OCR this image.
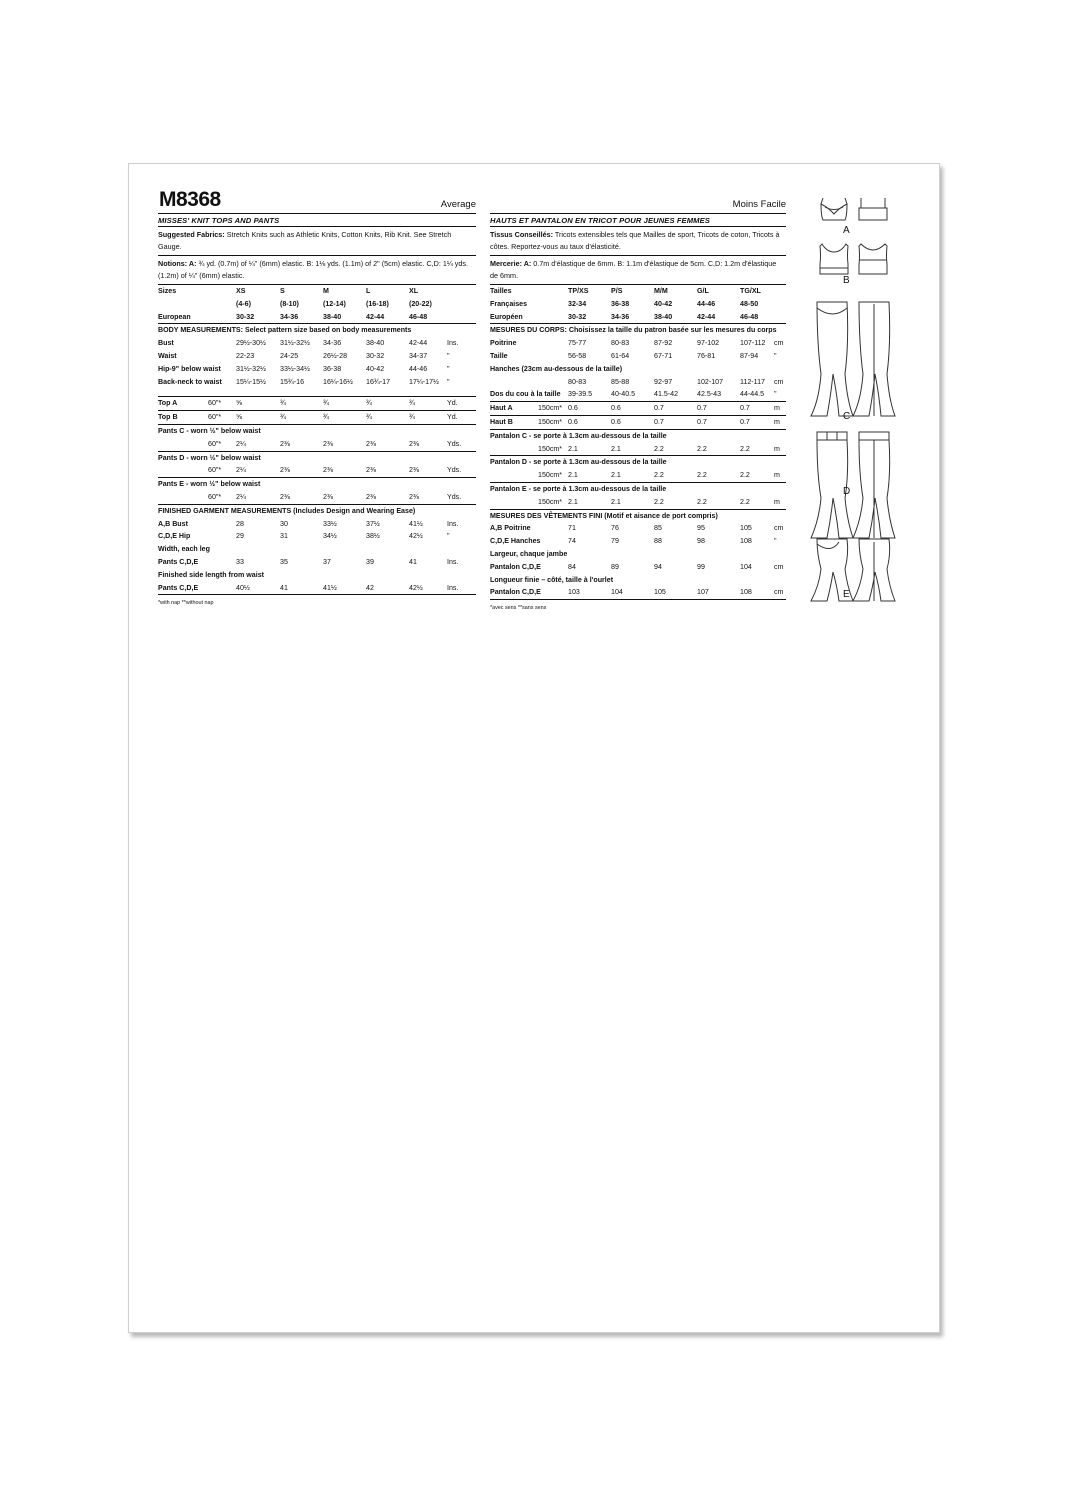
M8368	Average
MISSES' KNIT TOPS AND PANTS
Suggested Fabrics: Stretch Knits such as Athletic Knits, Cotton Knits, Rib Knit. See Stretch Gauge.
Notions: A: ¾ yd. (0.7m) of ¼" (6mm) elastic. B: 1⅛ yds. (1.1m) of 2" (5cm) elastic. C,D: 1¼ yds. (1.2m) of ¼" (6mm) elastic.
Sizes		XS	S	M	L	XL	
		(4-6)	(8-10)	(12-14)	(16-18)	(20-22)	
European		30-32	34-36	38-40	42-44	46-48	
BODY MEASUREMENTS: Select pattern size based on body measurements							
Bust		29½-30½	31½-32½	34-36	38-40	42-44	Ins.
Waist		22-23	24-25	26½-28	30-32	34-37	"
Hip-9" below waist		31½-32½	33½-34½	36-38	40-42	44-46	"
Back-neck to waist		15¼-15½	15¾-16	16¼-16½	16¾-17	17¼-17½	"

Top A	60"*	⅝	¾	¾	¾	¾	Yd.
Top B	60"*	⅝	¾	¾	¾	¾	Yd.
Pants C - worn ½" below waist							
	60"*	2¼	2⅜	2⅜	2⅜	2⅜	Yds.
Pants D - worn ½" below waist							
	60"*	2¼	2⅜	2⅜	2⅜	2⅜	Yds.
Pants E - worn ½" below waist							
	60"*	2¼	2⅜	2⅜	2⅜	2⅜	Yds.
FINISHED GARMENT MEASUREMENTS (Includes Design and Wearing Ease)							
A,B Bust		28	30	33½	37½	41½	Ins.
C,D,E Hip		29	31	34½	38½	42½	"
Width, each leg							
Pants C,D,E		33	35	37	39	41	Ins.
Finished side length from waist							
Pants C,D,E		40½	41	41½	42	42½	Ins.
*with nap **without nap
Moins Facile
HAUTS ET PANTALON EN TRICOT POUR JEUNES FEMMES
Tissus Conseillés: Tricots extensibles tels que Mailles de sport, Tricots de coton, Tricots à côtes. Reportez-vous au taux d'élasticité.
Mercerie: A: 0.7m d'élastique de 6mm. B: 1.1m d'élastique de 5cm. C,D: 1.2m d'élastique de 6mm.
Tailles		TP/XS	P/S	M/M	G/L	TG/XL	
Françaises		32-34	36-38	40-42	44-46	48-50	
Européen		30-32	34-36	38-40	42-44	46-48	
MESURES DU CORPS: Choisissez la taille du patron basée sur les mesures du corps							
Poitrine		75-77	80-83	87-92	97-102	107-112	cm
Taille		56-58	61-64	67-71	76-81	87-94	"
Hanches (23cm au-dessous de la taille)							
		80-83	85-88	92-97	102-107	112-117	cm
Dos du cou à la taille		39-39.5	40-40.5	41.5-42	42.5-43	44-44.5	"
Haut A	150cm*	0.6	0.6	0.7	0.7	0.7	m
Haut B	150cm*	0.6	0.6	0.7	0.7	0.7	m
Pantalon C - se porte à 1.3cm au-dessous de la taille							
	150cm*	2.1	2.1	2.2	2.2	2.2	m
Pantalon D - se porte à 1.3cm au-dessous de la taille							
	150cm*	2.1	2.1	2.2	2.2	2.2	m
Pantalon E - se porte à 1.3cm au-dessous de la taille							
	150cm*	2.1	2.1	2.2	2.2	2.2	m
MESURES DES VÊTEMENTS FINI (Motif et aisance de port compris)							
A,B Poitrine		71	76	85	95	105	cm
C,D,E Hanches		74	79	88	98	108	"
Largeur, chaque jambe							
Pantalon C,D,E		84	89	94	99	104	cm
Longueur finie – côté, taille à l'ourlet							
Pantalon C,D,E		103	104	105	107	108	cm
*avec sens **sans sens
A
B
C
D
E
